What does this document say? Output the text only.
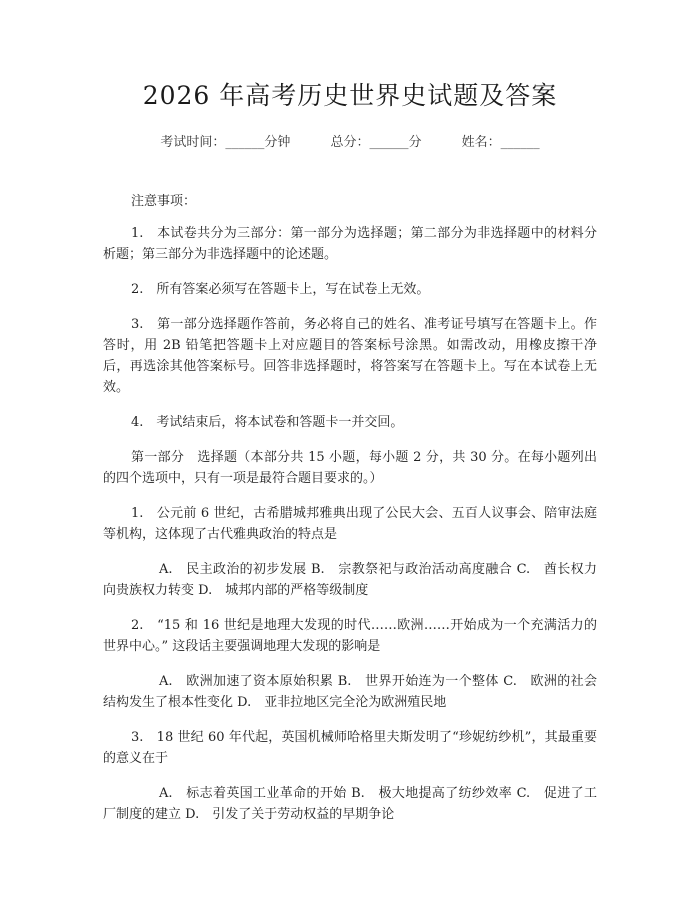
2026 年高考历史世界史试题及答案
考试时间：______分钟	总分：______分	姓名：______
注意事项：

1.　本试卷共分为三部分：第一部分为选择题；第二部分为非选择题中的材料分析题；第三部分为非选择题中的论述题。

2.　所有答案必须写在答题卡上，写在试卷上无效。

3.　第一部分选择题作答前，务必将自己的姓名、准考证号填写在答题卡上。作答时，用 2B 铅笔把答题卡上对应题目的答案标号涂黑。如需改动，用橡皮擦干净后，再选涂其他答案标号。回答非选择题时，将答案写在答题卡上。写在本试卷上无效。

4.　考试结束后，将本试卷和答题卡一并交回。

第一部分　选择题（本部分共 15 小题，每小题 2 分，共 30 分。在每小题列出的四个选项中，只有一项是最符合题目要求的。）

1.　公元前 6 世纪，古希腊城邦雅典出现了公民大会、五百人议事会、陪审法庭等机构，这体现了古代雅典政治的特点是

A.　民主政治的初步发展 B.　宗教祭祀与政治活动高度融合 C.　酋长权力向贵族权力转变 D.　城邦内部的严格等级制度

2.　“15 和 16 世纪是地理大发现的时代……欧洲……开始成为一个充满活力的世界中心。” 这段话主要强调地理大发现的影响是

A.　欧洲加速了资本原始积累 B.　世界开始连为一个整体 C.　欧洲的社会结构发生了根本性变化 D.　亚非拉地区完全沦为欧洲殖民地

3.　18 世纪 60 年代起，英国机械师哈格里夫斯发明了“珍妮纺纱机”，其最重要的意义在于

A.　标志着英国工业革命的开始 B.　极大地提高了纺纱效率 C.　促进了工厂制度的建立 D.　引发了关于劳动权益的早期争论
